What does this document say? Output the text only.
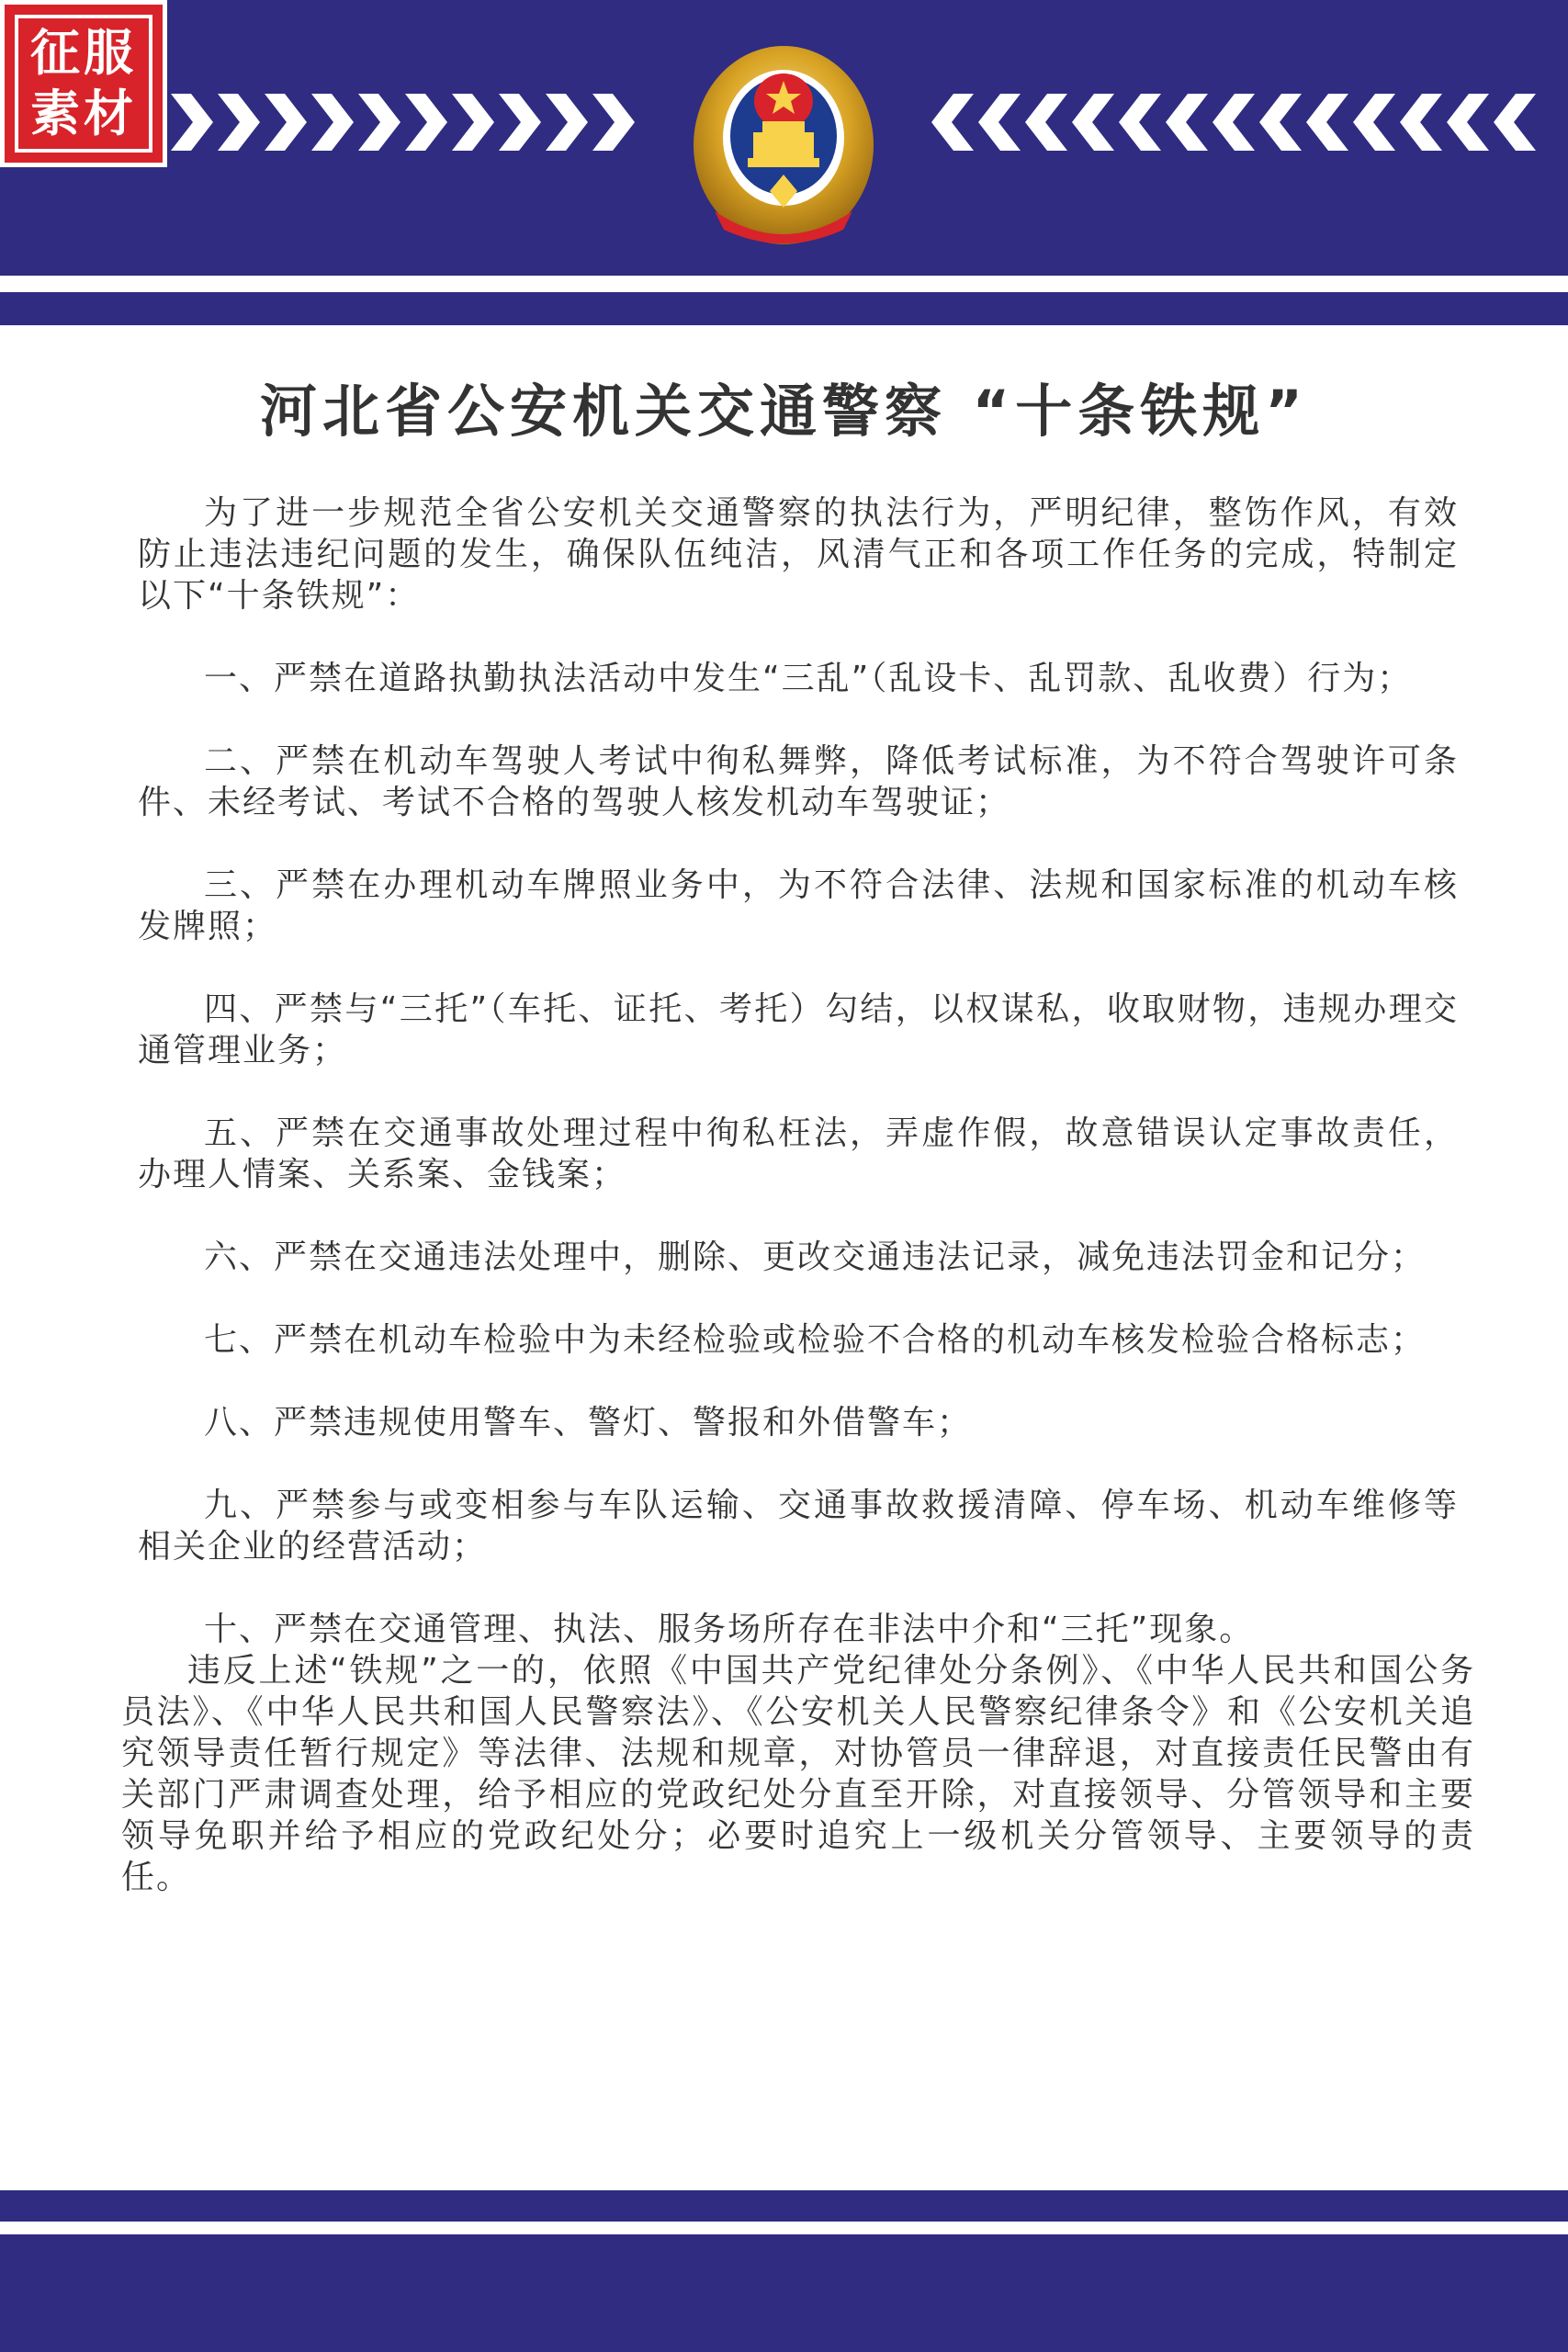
征服
素材
河北省公安机关交通警察 “十条铁规”

为了进一步规范全省公安机关交通警察的执法行为，严明纪律，整饬作风，有效防止违法违纪问题的发生，确保队伍纯洁，风清气正和各项工作任务的完成，特制定以下“十条铁规”：

一、严禁在道路执勤执法活动中发生“三乱”（乱设卡、乱罚款、乱收费）行为；

二、严禁在机动车驾驶人考试中徇私舞弊，降低考试标准，为不符合驾驶许可条件、未经考试、考试不合格的驾驶人核发机动车驾驶证；

三、严禁在办理机动车牌照业务中，为不符合法律、法规和国家标准的机动车核发牌照；

四、严禁与“三托”（车托、证托、考托）勾结，以权谋私，收取财物，违规办理交通管理业务；

五、严禁在交通事故处理过程中徇私枉法，弄虚作假，故意错误认定事故责任，办理人情案、关系案、金钱案；

六、严禁在交通违法处理中，删除、更改交通违法记录，减免违法罚金和记分；

七、严禁在机动车检验中为未经检验或检验不合格的机动车核发检验合格标志；

八、严禁违规使用警车、警灯、警报和外借警车；

九、严禁参与或变相参与车队运输、交通事故救援清障、停车场、机动车维修等相关企业的经营活动；

十、严禁在交通管理、执法、服务场所存在非法中介和“三托”现象。

违反上述“铁规”之一的，依照《中国共产党纪律处分条例》、《中华人民共和国公务员法》、《中华人民共和国人民警察法》、《公安机关人民警察纪律条令》和《公安机关追究领导责任暂行规定》等法律、法规和规章，对协管员一律辞退，对直接责任民警由有关部门严肃调查处理，给予相应的党政纪处分直至开除，对直接领导、分管领导和主要领导免职并给予相应的党政纪处分；必要时追究上一级机关分管领导、主要领导的责任。
